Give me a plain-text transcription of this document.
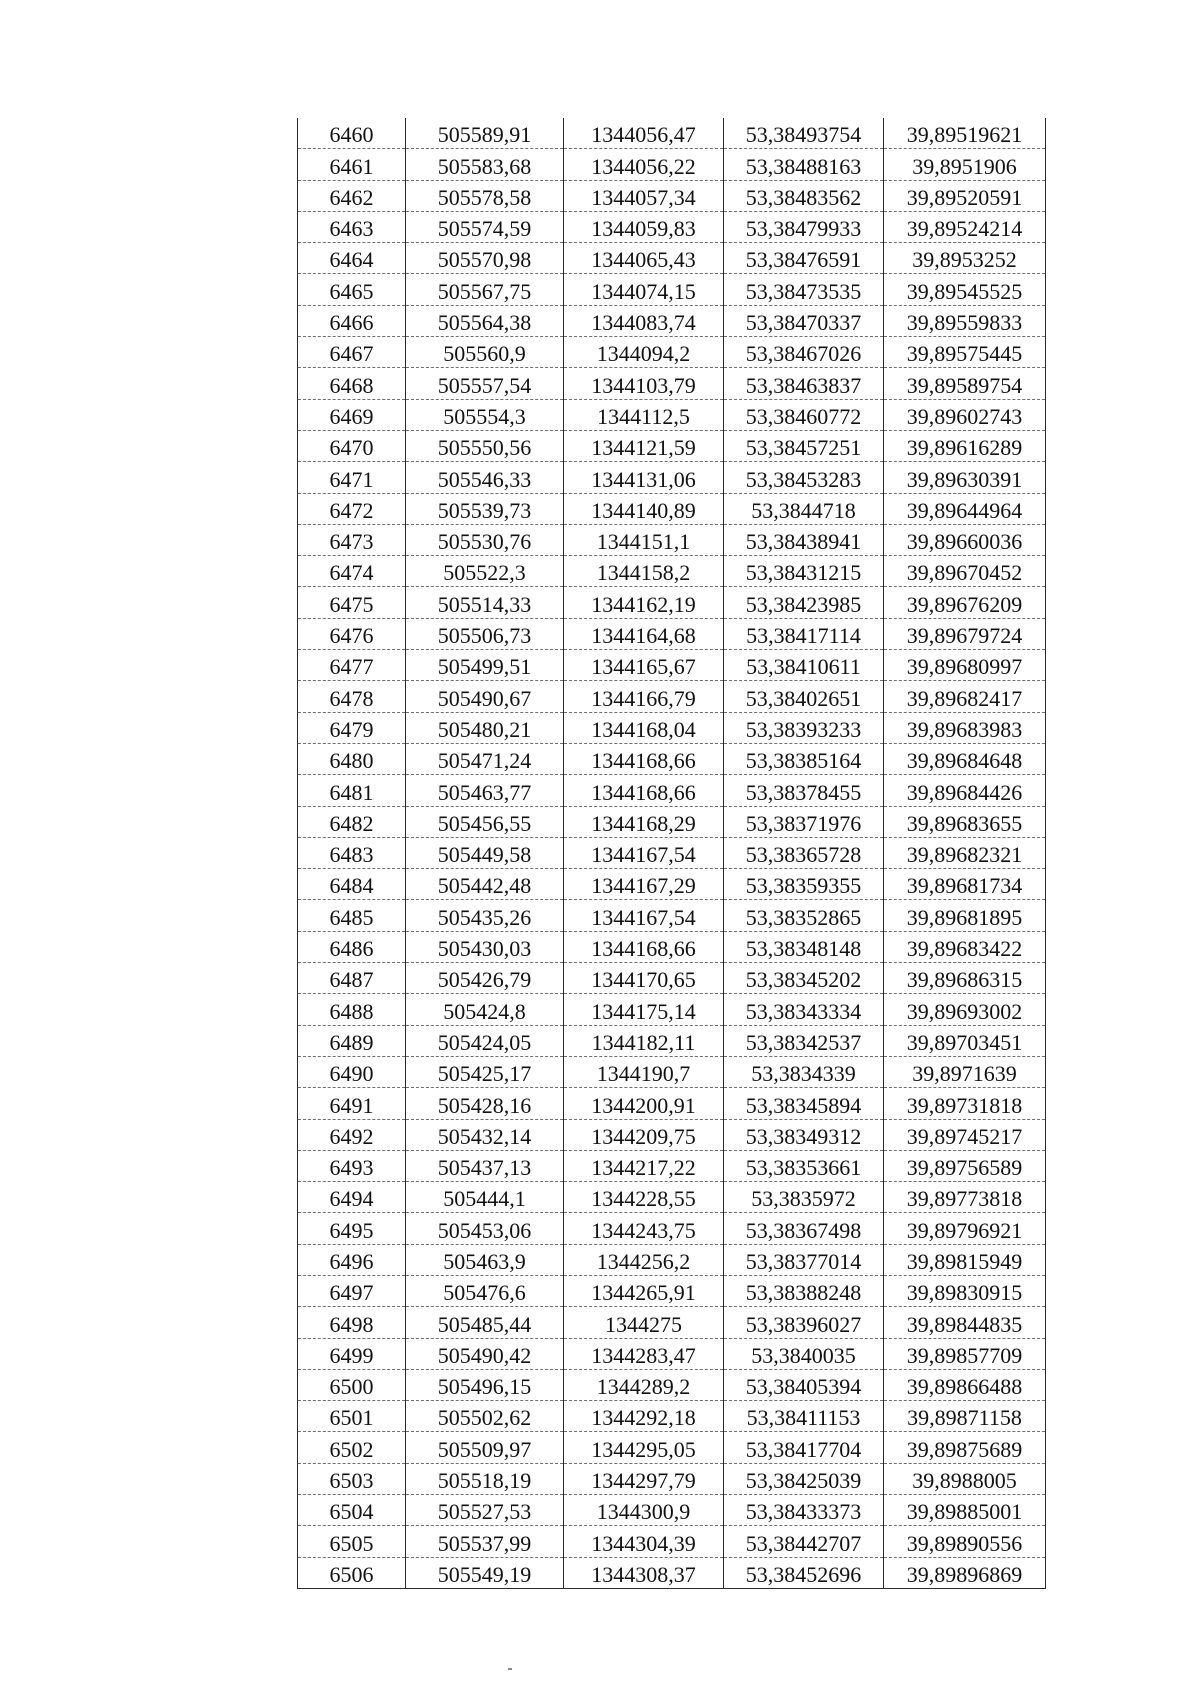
6460	505589,91	1344056,47	53,38493754	39,89519621
6461	505583,68	1344056,22	53,38488163	39,8951906
6462	505578,58	1344057,34	53,38483562	39,89520591
6463	505574,59	1344059,83	53,38479933	39,89524214
6464	505570,98	1344065,43	53,38476591	39,8953252
6465	505567,75	1344074,15	53,38473535	39,89545525
6466	505564,38	1344083,74	53,38470337	39,89559833
6467	505560,9	1344094,2	53,38467026	39,89575445
6468	505557,54	1344103,79	53,38463837	39,89589754
6469	505554,3	1344112,5	53,38460772	39,89602743
6470	505550,56	1344121,59	53,38457251	39,89616289
6471	505546,33	1344131,06	53,38453283	39,89630391
6472	505539,73	1344140,89	53,3844718	39,89644964
6473	505530,76	1344151,1	53,38438941	39,89660036
6474	505522,3	1344158,2	53,38431215	39,89670452
6475	505514,33	1344162,19	53,38423985	39,89676209
6476	505506,73	1344164,68	53,38417114	39,89679724
6477	505499,51	1344165,67	53,38410611	39,89680997
6478	505490,67	1344166,79	53,38402651	39,89682417
6479	505480,21	1344168,04	53,38393233	39,89683983
6480	505471,24	1344168,66	53,38385164	39,89684648
6481	505463,77	1344168,66	53,38378455	39,89684426
6482	505456,55	1344168,29	53,38371976	39,89683655
6483	505449,58	1344167,54	53,38365728	39,89682321
6484	505442,48	1344167,29	53,38359355	39,89681734
6485	505435,26	1344167,54	53,38352865	39,89681895
6486	505430,03	1344168,66	53,38348148	39,89683422
6487	505426,79	1344170,65	53,38345202	39,89686315
6488	505424,8	1344175,14	53,38343334	39,89693002
6489	505424,05	1344182,11	53,38342537	39,89703451
6490	505425,17	1344190,7	53,3834339	39,8971639
6491	505428,16	1344200,91	53,38345894	39,89731818
6492	505432,14	1344209,75	53,38349312	39,89745217
6493	505437,13	1344217,22	53,38353661	39,89756589
6494	505444,1	1344228,55	53,3835972	39,89773818
6495	505453,06	1344243,75	53,38367498	39,89796921
6496	505463,9	1344256,2	53,38377014	39,89815949
6497	505476,6	1344265,91	53,38388248	39,89830915
6498	505485,44	1344275	53,38396027	39,89844835
6499	505490,42	1344283,47	53,3840035	39,89857709
6500	505496,15	1344289,2	53,38405394	39,89866488
6501	505502,62	1344292,18	53,38411153	39,89871158
6502	505509,97	1344295,05	53,38417704	39,89875689
6503	505518,19	1344297,79	53,38425039	39,8988005
6504	505527,53	1344300,9	53,38433373	39,89885001
6505	505537,99	1344304,39	53,38442707	39,89890556
6506	505549,19	1344308,37	53,38452696	39,89896869
